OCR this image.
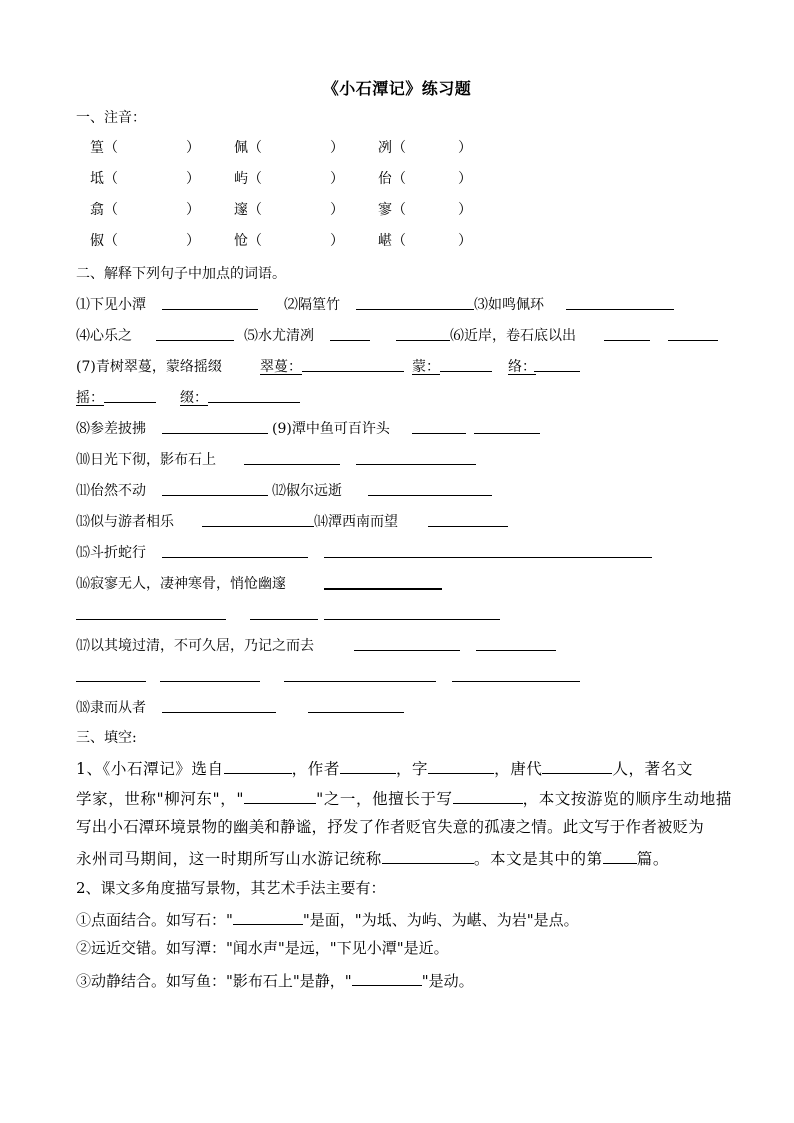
《小石潭记》练习题
一、注音：
篁（	） 佩（	） 冽（	）
坻（	） 屿（	） 佁（	）
翕（	） 邃（	） 寥（	）
俶（	） 怆（	） 嵁（	）
二、解释下列句子中加点的词语。
⑴下见小潭	⑵隔篁竹	⑶如鸣佩环
⑷心乐之	⑸水尤清冽	⑹近岸，卷石底以出
(7)青树翠蔓，蒙络摇缀	翠蔓：	蒙：	络：
摇：	缀：
⑻参差披拂	(9)潭中鱼可百许头
⑽日光下彻，影布石上
⑾佁然不动	⑿俶尔远逝
⒀似与游者相乐	⒁潭西南而望
⒂斗折蛇行
⒃寂寥无人，凄神寒骨，悄怆幽邃
⒄以其境过清，不可久居，乃记之而去
⒅隶而从者
三、填空:
1、《小石潭记》选自	，作者	，字	，唐代	人，著名文
学家，世称"柳河东"，"	"之一，他擅长于写	，本文按游览的顺序生动地描
写出小石潭环境景物的幽美和静谧，抒发了作者贬官失意的孤凄之情。此文写于作者被贬为
永州司马期间，这一时期所写山水游记统称	。本文是其中的第 篇。
2、课文多角度描写景物，其艺术手法主要有：
①点面结合。如写石："	"是面，"为坻、为屿、为嵁、为岩"是点。
②远近交错。如写潭："闻水声"是远，"下见小潭"是近。
③动静结合。如写鱼："影布石上"是静，"	"是动。
